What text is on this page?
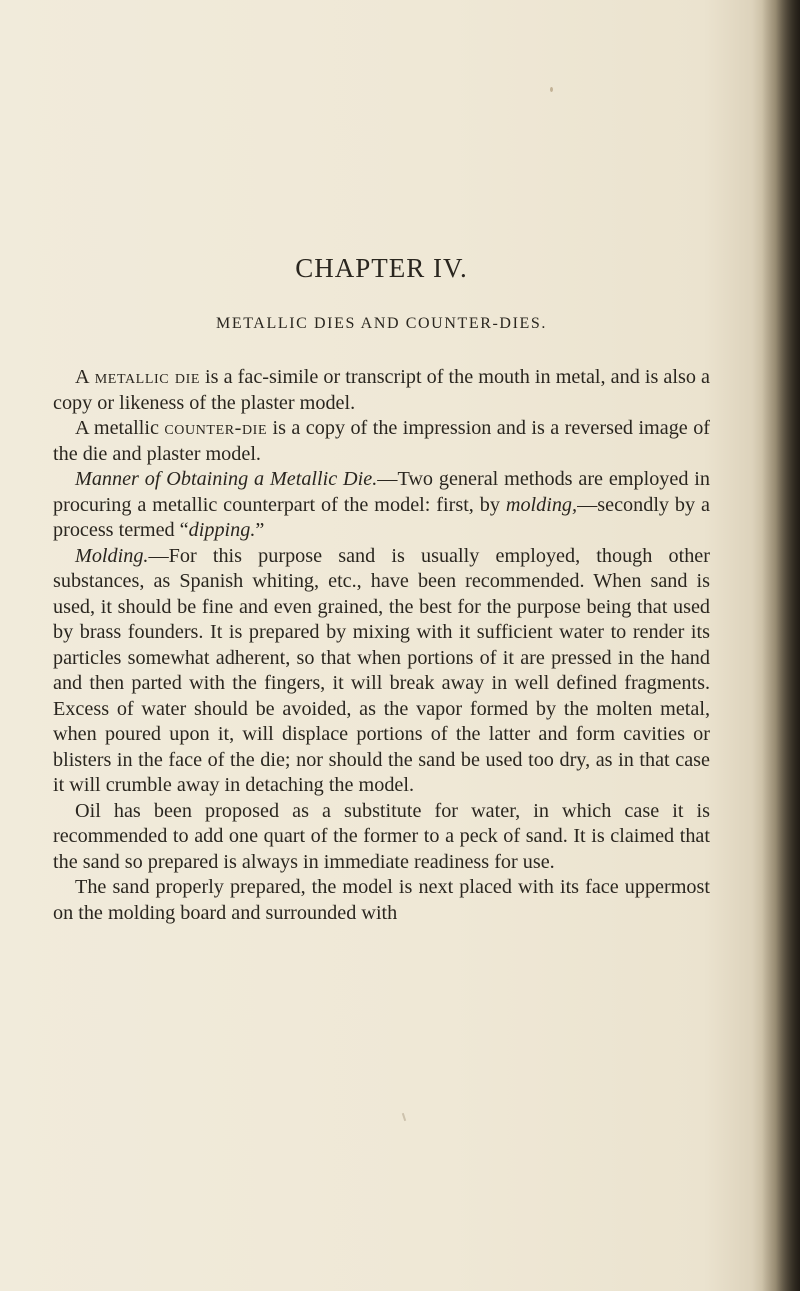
CHAPTER IV.
METALLIC DIES AND COUNTER-DIES.

A metallic die is a fac-simile or transcript of the mouth in metal, and is also a copy or likeness of the plaster model.

A metallic counter-die is a copy of the impression and is a reversed image of the die and plaster model.

Manner of Obtaining a Metallic Die.—Two general methods are employed in procuring a metallic counterpart of the model: first, by molding,—secondly by a process termed “dipping.”

Molding.—For this purpose sand is usually employed, though other substances, as Spanish whiting, etc., have been recommended. When sand is used, it should be fine and even grained, the best for the purpose being that used by brass founders. It is prepared by mixing with it sufficient water to render its particles somewhat adherent, so that when portions of it are pressed in the hand and then parted with the fingers, it will break away in well defined fragments. Excess of water should be avoided, as the vapor formed by the molten metal, when poured upon it, will displace portions of the latter and form cavities or blisters in the face of the die; nor should the sand be used too dry, as in that case it will crumble away in detaching the model.

Oil has been proposed as a substitute for water, in which case it is recommended to add one quart of the former to a peck of sand. It is claimed that the sand so prepared is always in immediate readiness for use.

The sand properly prepared, the model is next placed with its face uppermost on the molding board and surrounded with
